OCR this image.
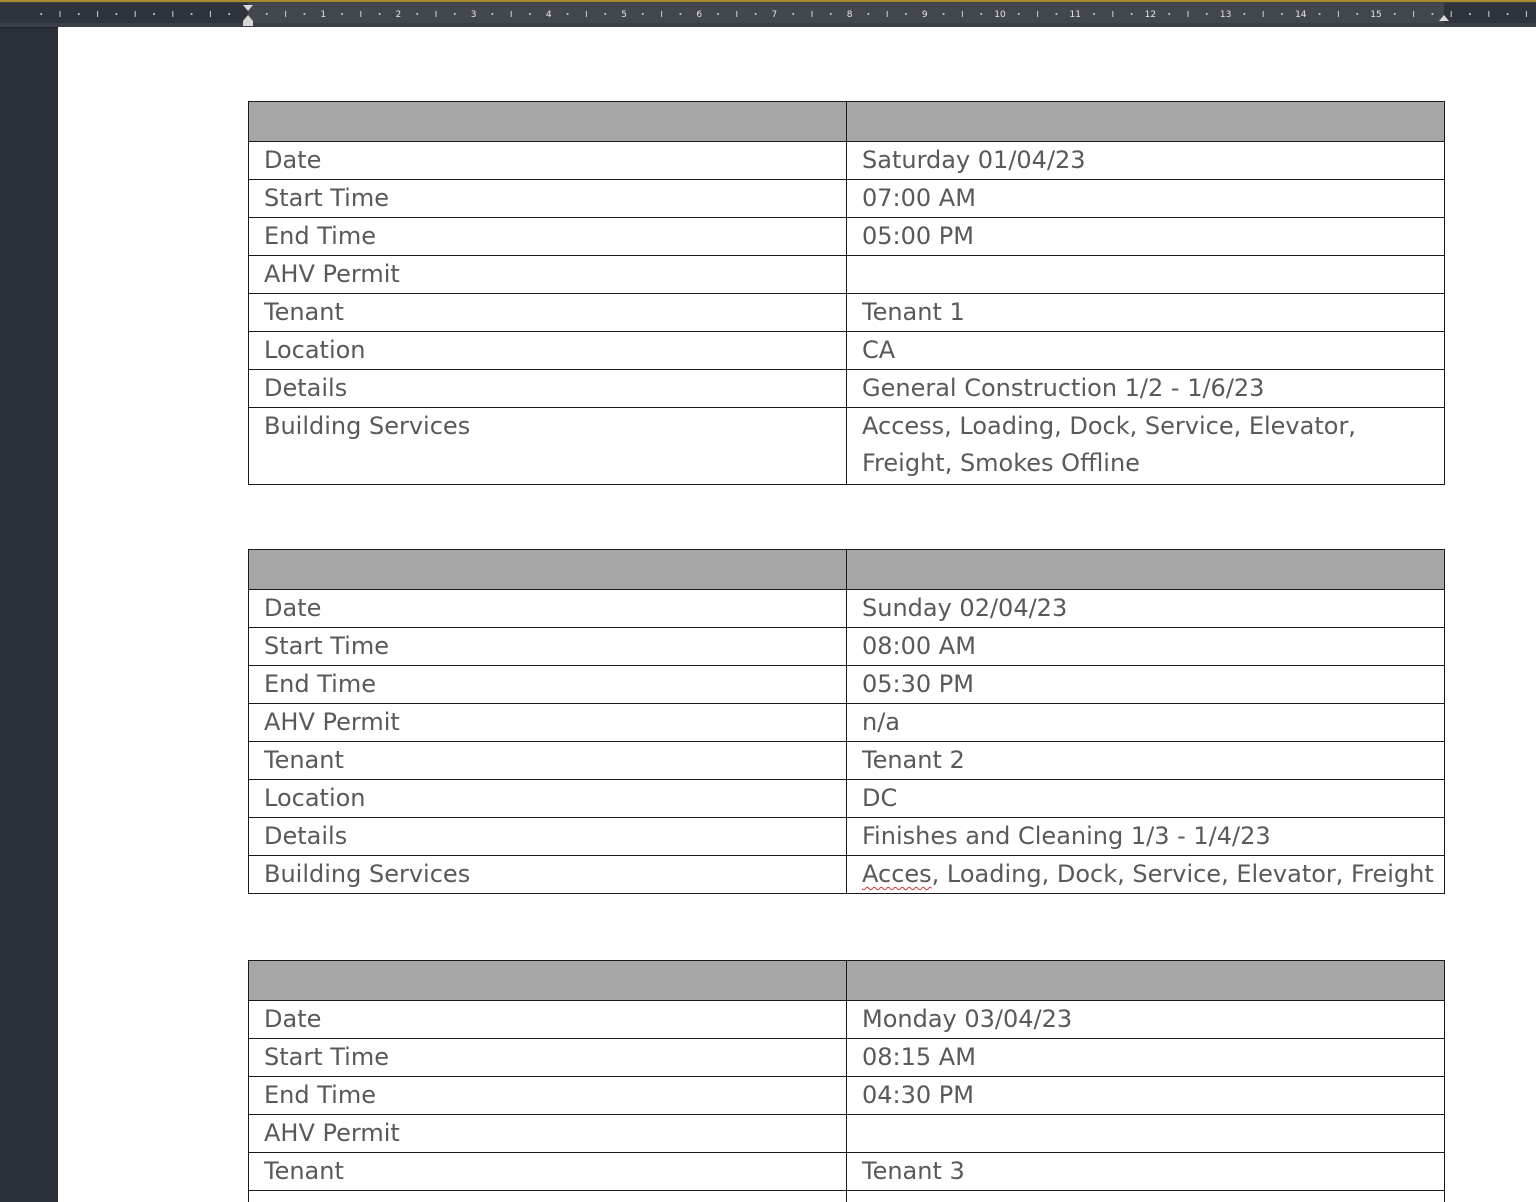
1	2	3	4	5	6	7	8	9	10	11	12	13	14	15

Date	Saturday 01/04/23
Start Time	07:00 AM
End Time	05:00 PM
AHV Permit	
Tenant	Tenant 1
Location	CA
Details	General Construction 1/2 - 1/6/23
Building Services	Access, Loading, Dock, Service, Elevator, Freight, Smokes Offline

Date	Sunday 02/04/23
Start Time	08:00 AM
End Time	05:30 PM
AHV Permit	n/a
Tenant	Tenant 2
Location	DC
Details	Finishes and Cleaning 1/3 - 1/4/23
Building Services	Acces, Loading, Dock, Service, Elevator, Freight

Date	Monday 03/04/23
Start Time	08:15 AM
End Time	04:30 PM
AHV Permit	
Tenant	Tenant 3
